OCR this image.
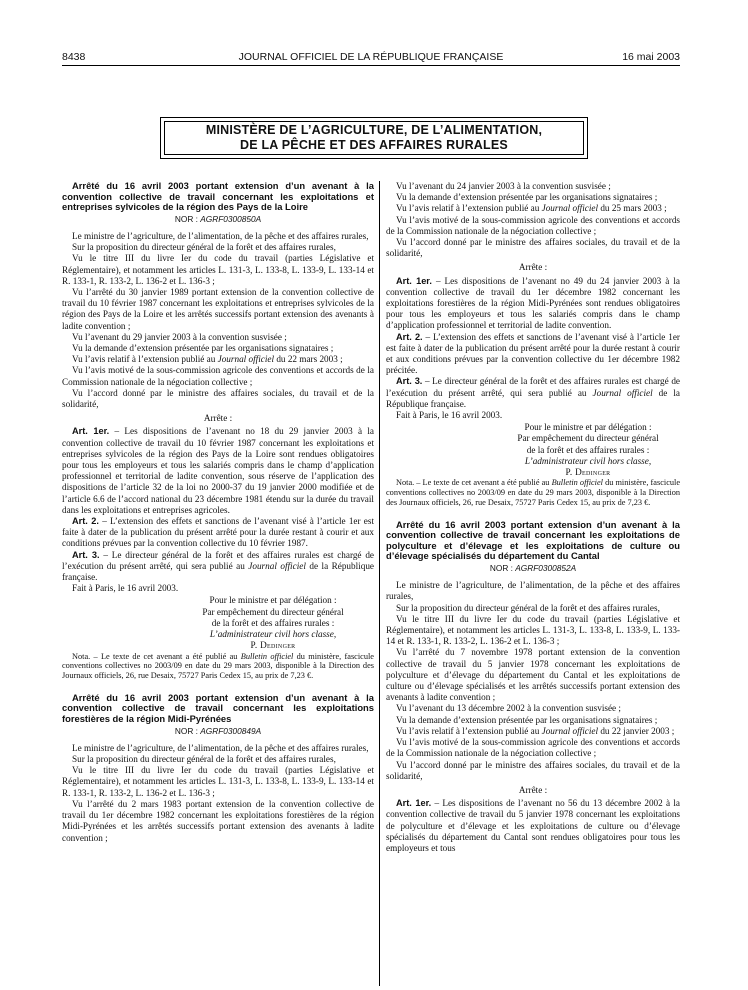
8438	JOURNAL OFFICIEL DE LA RÉPUBLIQUE FRANÇAISE	16 mai 2003
MINISTÈRE DE L’AGRICULTURE, DE L’ALIMENTATION,
DE LA PÊCHE ET DES AFFAIRES RURALES

Arrêté du 16 avril 2003 portant extension d’un avenant à la convention collective de travail concernant les exploitations et entreprises sylvicoles de la région des Pays de la Loire

NOR : AGRF0300850A

Le ministre de l’agriculture, de l’alimentation, de la pêche et des affaires rurales,

Sur la proposition du directeur général de la forêt et des affaires rurales,

Vu le titre III du livre Ier du code du travail (parties Législative et Réglementaire), et notamment les articles L. 131-3, L. 133-8, L. 133-9, L. 133-14 et R. 133-1, R. 133-2, L. 136-2 et L. 136-3 ;

Vu l’arrêté du 30 janvier 1989 portant extension de la convention collective de travail du 10 février 1987 concernant les exploitations et entreprises sylvicoles de la région des Pays de la Loire et les arrêtés successifs portant extension des avenants à ladite convention ;

Vu l’avenant du 29 janvier 2003 à la convention susvisée ;

Vu la demande d’extension présentée par les organisations signataires ;

Vu l’avis relatif à l’extension publié au Journal officiel du 22 mars 2003 ;

Vu l’avis motivé de la sous-commission agricole des conventions et accords de la Commission nationale de la négociation collective ;

Vu l’accord donné par le ministre des affaires sociales, du travail et de la solidarité,

Arrête :

Art. 1er. – Les dispositions de l’avenant no 18 du 29 janvier 2003 à la convention collective de travail du 10 février 1987 concernant les exploitations et entreprises sylvicoles de la région des Pays de la Loire sont rendues obligatoires pour tous les employeurs et tous les salariés compris dans le champ d’application professionnel et territorial de ladite convention, sous réserve de l’application des dispositions de l’article 32 de la loi no 2000-37 du 19 janvier 2000 modifiée et de l’article 6.6 de l’accord national du 23 décembre 1981 étendu sur la durée du travail dans les exploitations et entreprises agricoles.

Art. 2. – L’extension des effets et sanctions de l’avenant visé à l’article 1er est faite à dater de la publication du présent arrêté pour la durée restant à courir et aux conditions prévues par la convention collective du 10 février 1987.

Art. 3. – Le directeur général de la forêt et des affaires rurales est chargé de l’exécution du présent arrêté, qui sera publié au Journal officiel de la République française.

Fait à Paris, le 16 avril 2003.

Pour le ministre et par délégation :

Par empêchement du directeur général

de la forêt et des affaires rurales :

L’administrateur civil hors classe,

P. Dedinger

Nota. – Le texte de cet avenant a été publié au Bulletin officiel du ministère, fascicule conventions collectives no 2003/09 en date du 29 mars 2003, disponible à la Direction des Journaux officiels, 26, rue Desaix, 75727 Paris Cedex 15, au prix de 7,23 €.

Arrêté du 16 avril 2003 portant extension d’un avenant à la convention collective de travail concernant les exploitations forestières de la région Midi-Pyrénées

NOR : AGRF0300849A

Le ministre de l’agriculture, de l’alimentation, de la pêche et des affaires rurales,

Sur la proposition du directeur général de la forêt et des affaires rurales,

Vu le titre III du livre Ier du code du travail (parties Législative et Réglementaire), et notamment les articles L. 131-3, L. 133-8, L. 133-9, L. 133-14 et R. 133-1, R. 133-2, L. 136-2 et L. 136-3 ;

Vu l’arrêté du 2 mars 1983 portant extension de la convention collective de travail du 1er décembre 1982 concernant les exploitations forestières de la région Midi-Pyrénées et les arrêtés successifs portant extension des avenants à ladite convention ;

Vu l’avenant du 24 janvier 2003 à la convention susvisée ;

Vu la demande d’extension présentée par les organisations signataires ;

Vu l’avis relatif à l’extension publié au Journal officiel du 25 mars 2003 ;

Vu l’avis motivé de la sous-commission agricole des conventions et accords de la Commission nationale de la négociation collective ;

Vu l’accord donné par le ministre des affaires sociales, du travail et de la solidarité,

Arrête :

Art. 1er. – Les dispositions de l’avenant no 49 du 24 janvier 2003 à la convention collective de travail du 1er décembre 1982 concernant les exploitations forestières de la région Midi-Pyrénées sont rendues obligatoires pour tous les employeurs et tous les salariés compris dans le champ d’application professionnel et territorial de ladite convention.

Art. 2. – L’extension des effets et sanctions de l’avenant visé à l’article 1er est faite à dater de la publication du présent arrêté pour la durée restant à courir et aux conditions prévues par la convention collective du 1er décembre 1982 précitée.

Art. 3. – Le directeur général de la forêt et des affaires rurales est chargé de l’exécution du présent arrêté, qui sera publié au Journal officiel de la République française.

Fait à Paris, le 16 avril 2003.

Pour le ministre et par délégation :

Par empêchement du directeur général

de la forêt et des affaires rurales :

L’administrateur civil hors classe,

P. Dedinger

Nota. – Le texte de cet avenant a été publié au Bulletin officiel du ministère, fascicule conventions collectives no 2003/09 en date du 29 mars 2003, disponible à la Direction des Journaux officiels, 26, rue Desaix, 75727 Paris Cedex 15, au prix de 7,23 €.

Arrêté du 16 avril 2003 portant extension d’un avenant à la convention collective de travail concernant les exploitations de polyculture et d’élevage et les exploitations de culture ou d’élevage spécialisés du département du Cantal

NOR : AGRF0300852A

Le ministre de l’agriculture, de l’alimentation, de la pêche et des affaires rurales,

Sur la proposition du directeur général de la forêt et des affaires rurales,

Vu le titre III du livre Ier du code du travail (parties Législative et Réglementaire), et notamment les articles L. 131-3, L. 133-8, L. 133-9, L. 133-14 et R. 133-1, R. 133-2, L. 136-2 et L. 136-3 ;

Vu l’arrêté du 7 novembre 1978 portant extension de la convention collective de travail du 5 janvier 1978 concernant les exploitations de polyculture et d’élevage du département du Cantal et les exploitations de culture ou d’élevage spécialisés et les arrêtés successifs portant extension des avenants à ladite convention ;

Vu l’avenant du 13 décembre 2002 à la convention susvisée ;

Vu la demande d’extension présentée par les organisations signataires ;

Vu l’avis relatif à l’extension publié au Journal officiel du 22 janvier 2003 ;

Vu l’avis motivé de la sous-commission agricole des conventions et accords de la Commission nationale de la négociation collective ;

Vu l’accord donné par le ministre des affaires sociales, du travail et de la solidarité,

Arrête :

Art. 1er. – Les dispositions de l’avenant no 56 du 13 décembre 2002 à la convention collective de travail du 5 janvier 1978 concernant les exploitations de polyculture et d’élevage et les exploitations de culture ou d’élevage spécialisés du département du Cantal sont rendues obligatoires pour tous les employeurs et tous
